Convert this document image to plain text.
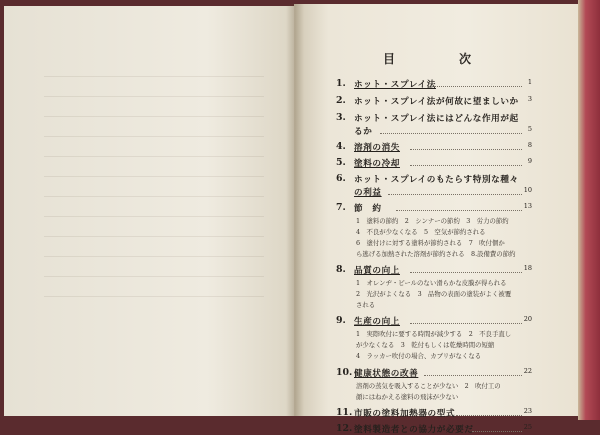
目　次
1. ホット・スプレイ法	1
2. ホット・スプレイ法が何故に望ましいか 3
3. ホット・スプレイ法にはどんな作用が起
るか	5
4. 溶剤の消失	8
5. 塗料の冷却	9
6. ホット・スプレイのもたらす特別な種々
の利益	10
7. 節　約	13
1　塗料の節約　2　シンナーの節約　3　労力の節約
4　不良が少なくなる　5　空気が節約される
6　塗付けに対する塗料が節約される　7　吹付個か
ら逃げる加熱された溶剤が節約される　8.設備費の節約
8. 品質の向上	18
1　オレンヂ・ピールのない滑らかな皮膜が得られる
2　光沢がよくなる　3　品物の表面の塗装がよく被覆
される
9. 生産の向上	20
1　実際吹付に要する時間が減少する　2　不良手直し
が少なくなる　3　乾付もしくは乾燥時間の短縮
4　ラッカー吹付の場合、カブリがなくなる
10. 健康状態の改善	22
溶剤の蒸気を吸入することが少ない　2　吹付工の
顔にはねかえる塗料の飛沫が少ない
11. 市販の塗料加熱器の型式	23
12. 塗料製造者との協力が必要だ	25
